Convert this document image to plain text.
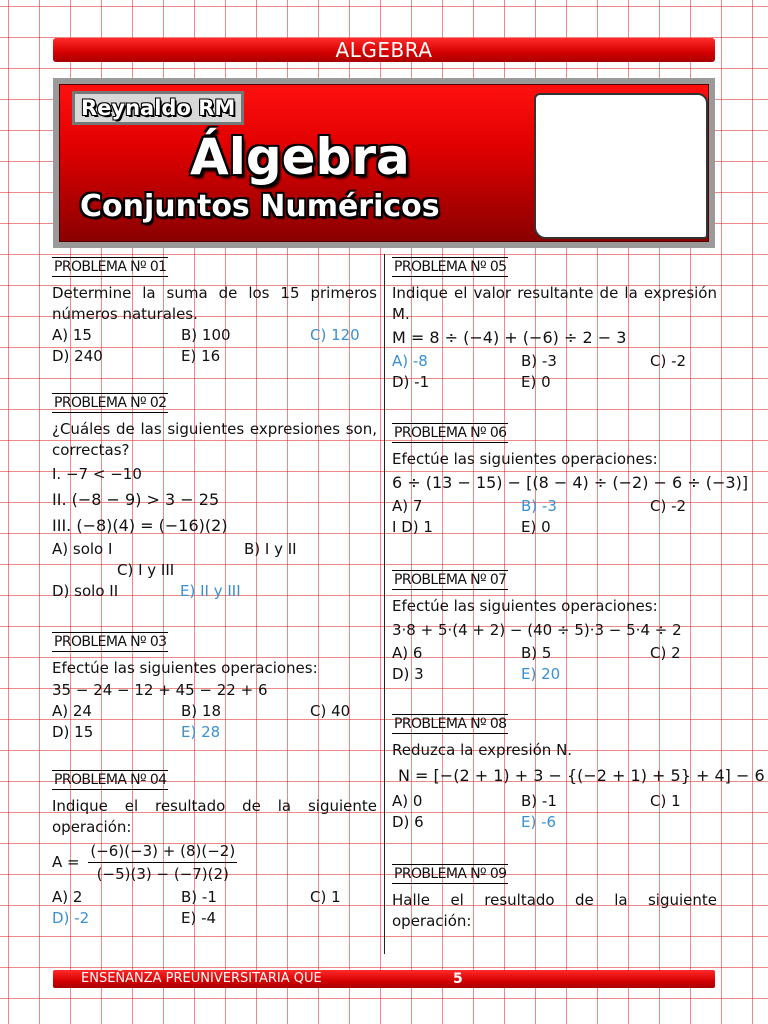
ALGEBRA
Reynaldo RM
Álgebra
Conjuntos Numéricos
PROBLEMA Nº 01

Determine la suma de los 15 primeros números naturales.

A) 15	B) 100	C) 120
D) 240	E) 16
PROBLEMA Nº 02

¿Cuáles de las siguientes expresiones son, correctas?

I. −7 < −10
II. (−8 − 9) > 3 − 25
III. (−8)(4) = (−16)(2)
A) solo I	B) I y II
C) I y III
D) solo II	E) II y III
PROBLEMA Nº 03

Efectúe las siguientes operaciones:

35 − 24 − 12 + 45 − 22 + 6
A) 24	B) 18	C) 40
D) 15	E) 28
PROBLEMA Nº 04

Indique el resultado de la siguiente operación:

$A = \frac{(-6)(-3) + (8)(-2)}{(-5)(3) - (-7)(2)}$
A) 2	B) -1	C) 1
D) -2	E) -4
PROBLEMA Nº 05

Indique el valor resultante de la expresión M.

M = 8 ÷ (−4) + (−6) ÷ 2 − 3
A) -8	B) -3	C) -2
D) -1	E) 0
PROBLEMA Nº 06

Efectúe las siguientes operaciones:

6 ÷ (13 − 15) − [(8 − 4) ÷ (−2) − 6 ÷ (−3)]
A) 7	B) -3	C) -2
I D) 1	E) 0
PROBLEMA Nº 07

Efectúe las siguientes operaciones:

3·8 + 5·(4 + 2) − (40 ÷ 5)·3 − 5·4 ÷ 2
A) 6	B) 5	C) 2
D) 3	E) 20
PROBLEMA Nº 08

Reduzca la expresión N.

N = [−(2 + 1) + 3 − {(−2 + 1) + 5} + 4] − 6
A) 0	B) -1	C) 1
D) 6	E) -6
PROBLEMA Nº 09

Halle el resultado de la siguiente operación:

ENSEÑANZA PREUNIVERSITARIA QUE	5
